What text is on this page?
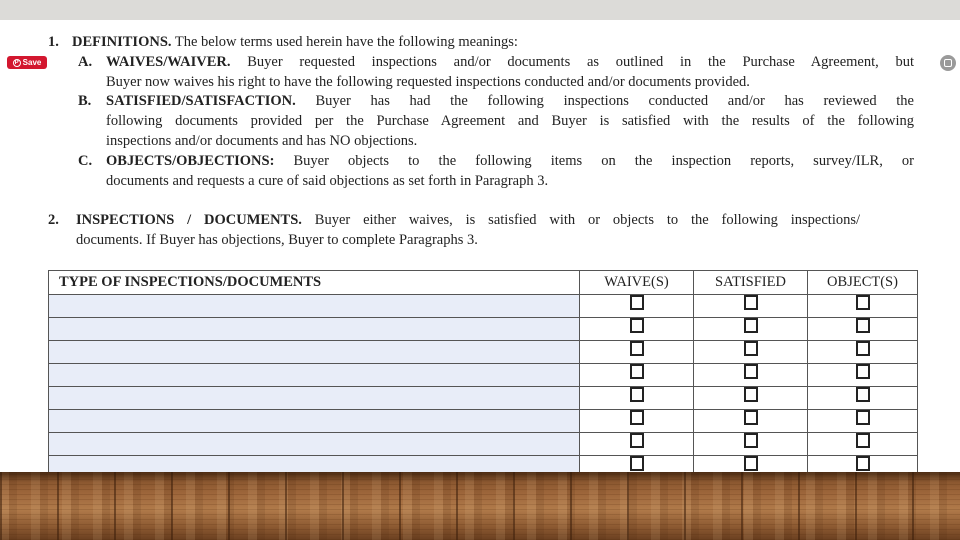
P Save
1. DEFINITIONS. The below terms used herein have the following meanings:
A. WAIVES/WAIVER. Buyer requested inspections and/or documents as outlined in the Purchase Agreement, but
Buyer now waives his right to have the following requested inspections conducted and/or documents provided.
B. SATISFIED/SATISFACTION. Buyer has had the following inspections conducted and/or has reviewed the
following documents provided per the Purchase Agreement and Buyer is satisfied with the results of the following
inspections and/or documents and has NO objections.
C. OBJECTS/OBJECTIONS: Buyer objects to the following items on the inspection reports, survey/ILR, or
documents and requests a cure of said objections as set forth in Paragraph 3.
2. INSPECTIONS / DOCUMENTS. Buyer either waives, is satisfied with or objects to the following inspections/
documents. If Buyer has objections, Buyer to complete Paragraphs 3.
TYPE OF INSPECTIONS/DOCUMENTS	WAIVE(S)	SATISFIED	OBJECT(S)
